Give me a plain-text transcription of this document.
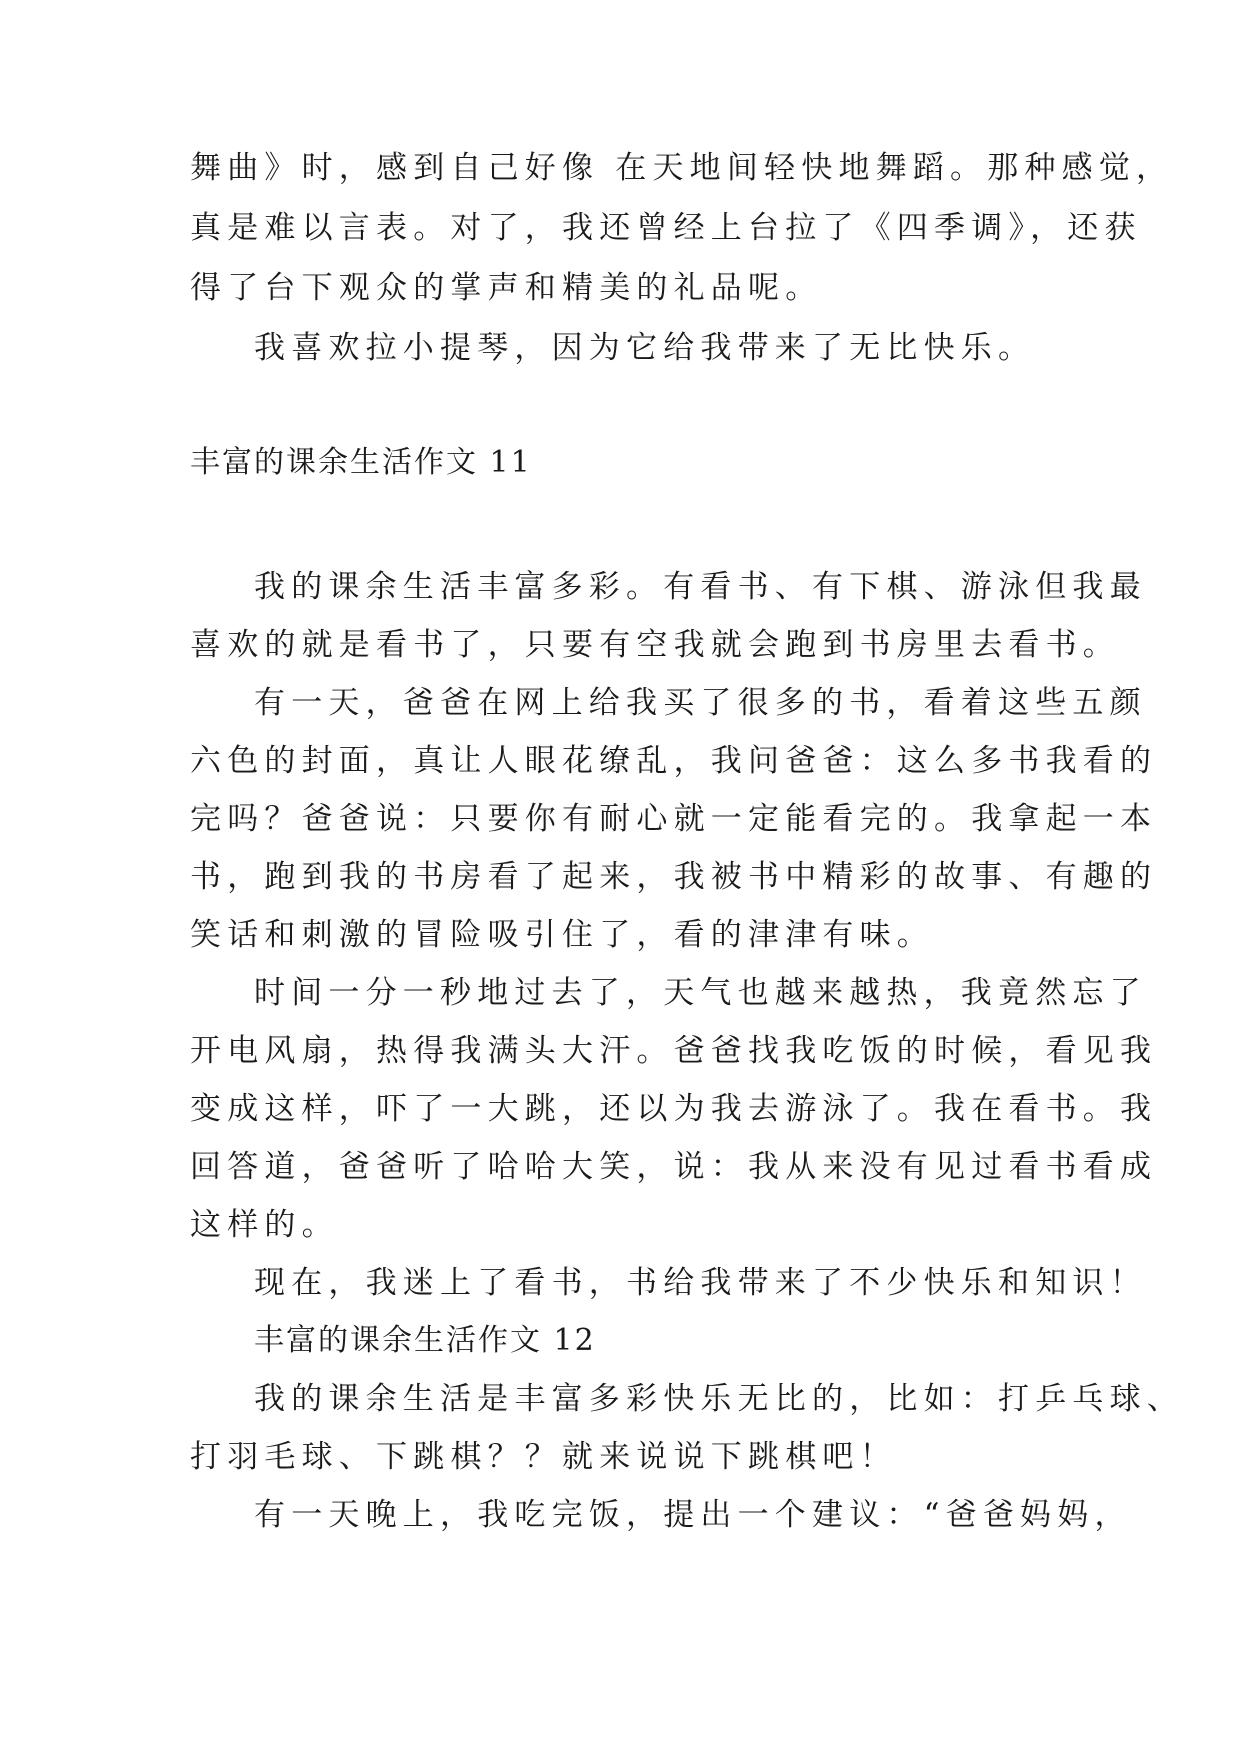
舞曲》时，感到自己好像 在天地间轻快地舞蹈。那种感觉，
真是难以言表。对了，我还曾经上台拉了《四季调》，还获
得了台下观众的掌声和精美的礼品呢。
我喜欢拉小提琴，因为它给我带来了无比快乐。
丰富的课余生活作文 11
我的课余生活丰富多彩。有看书、有下棋、游泳但我最
喜欢的就是看书了，只要有空我就会跑到书房里去看书。
有一天，爸爸在网上给我买了很多的书，看着这些五颜
六色的封面，真让人眼花缭乱，我问爸爸：这么多书我看的
完吗？爸爸说：只要你有耐心就一定能看完的。我拿起一本
书，跑到我的书房看了起来，我被书中精彩的故事、有趣的
笑话和刺激的冒险吸引住了，看的津津有味。
时间一分一秒地过去了，天气也越来越热，我竟然忘了
开电风扇，热得我满头大汗。爸爸找我吃饭的时候，看见我
变成这样，吓了一大跳，还以为我去游泳了。我在看书。我
回答道，爸爸听了哈哈大笑，说：我从来没有见过看书看成
这样的。
现在，我迷上了看书，书给我带来了不少快乐和知识！
丰富的课余生活作文 12
我的课余生活是丰富多彩快乐无比的，比如：打乒乓球、
打羽毛球、下跳棋？？就来说说下跳棋吧！
有一天晚上，我吃完饭，提出一个建议：“爸爸妈妈，
